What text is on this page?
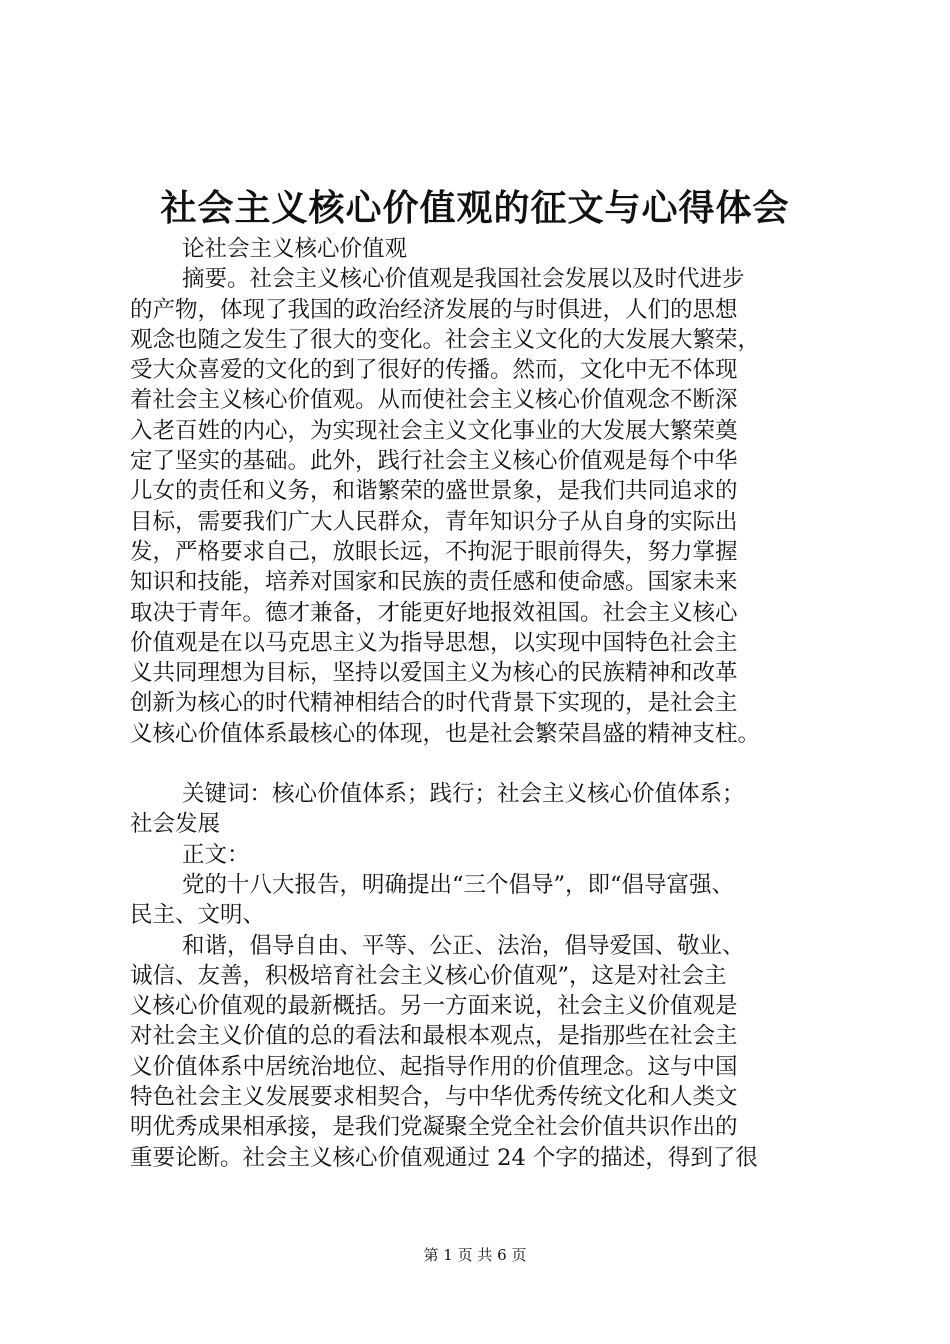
社会主义核心价值观的征文与心得体会

论社会主义核心价值观

摘要。社会主义核心价值观是我国社会发展以及时代进步

的产物，体现了我国的政治经济发展的与时俱进，人们的思想

观念也随之发生了很大的变化。社会主义文化的大发展大繁荣，

受大众喜爱的文化的到了很好的传播。然而，文化中无不体现

着社会主义核心价值观。从而使社会主义核心价值观念不断深

入老百姓的内心，为实现社会主义文化事业的大发展大繁荣奠

定了坚实的基础。此外，践行社会主义核心价值观是每个中华

儿女的责任和义务，和谐繁荣的盛世景象，是我们共同追求的

目标，需要我们广大人民群众，青年知识分子从自身的实际出

发，严格要求自己，放眼长远，不拘泥于眼前得失，努力掌握

知识和技能，培养对国家和民族的责任感和使命感。国家未来

取决于青年。德才兼备，才能更好地报效祖国。社会主义核心

价值观是在以马克思主义为指导思想，以实现中国特色社会主

义共同理想为目标，坚持以爱国主义为核心的民族精神和改革

创新为核心的时代精神相结合的时代背景下实现的，是社会主

义核心价值体系最核心的体现，也是社会繁荣昌盛的精神支柱。

关键词：核心价值体系；践行；社会主义核心价值体系；

社会发展

正文：

党的十八大报告，明确提出“三个倡导”，即“倡导富强、

民主、文明、

和谐，倡导自由、平等、公正、法治，倡导爱国、敬业、

诚信、友善，积极培育社会主义核心价值观”，这是对社会主

义核心价值观的最新概括。另一方面来说，社会主义价值观是

对社会主义价值的总的看法和最根本观点，是指那些在社会主

义价值体系中居统治地位、起指导作用的价值理念。这与中国

特色社会主义发展要求相契合，与中华优秀传统文化和人类文

明优秀成果相承接，是我们党凝聚全党全社会价值共识作出的

重要论断。社会主义核心价值观通过 24 个字的描述，得到了很

第 1 页 共 6 页
